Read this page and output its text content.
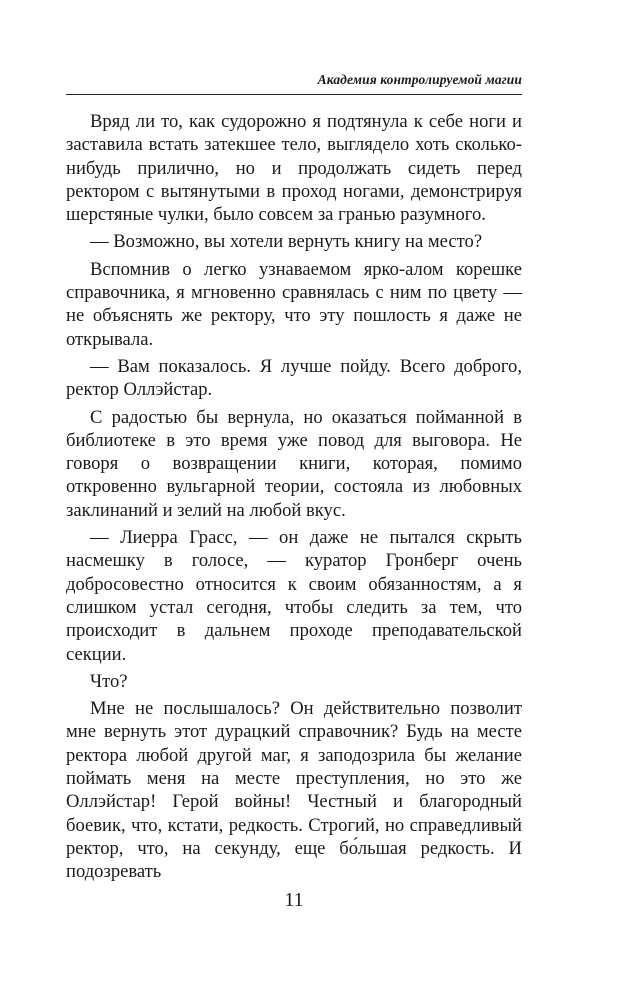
Академия контролируемой магии

Вряд ли то, как судорожно я подтянула к себе ноги и заставила встать затекшее тело, выглядело хоть сколько-нибудь прилично, но и продолжать сидеть перед ректором с вытянутыми в проход ногами, демонстрируя шерстяные чулки, было совсем за гранью разумного.

— Возможно, вы хотели вернуть книгу на место?

Вспомнив о легко узнаваемом ярко-алом корешке справочника, я мгновенно сравнялась с ним по цвету — не объяснять же ректору, что эту пошлость я даже не открывала.

— Вам показалось. Я лучше пойду. Всего доброго, ректор Оллэйстар.

С радостью бы вернула, но оказаться пойманной в библиотеке в это время уже повод для выговора. Не говоря о возвращении книги, которая, помимо откровенно вульгарной теории, состояла из любовных заклинаний и зелий на любой вкус.

— Лиерра Грасс, — он даже не пытался скрыть насмешку в голосе, — куратор Гронберг очень добросовестно относится к своим обязанностям, а я слишком устал сегодня, чтобы следить за тем, что происходит в дальнем проходе преподавательской секции.

Что?

Мне не послышалось? Он действительно позволит мне вернуть этот дурацкий справочник? Будь на месте ректора любой другой маг, я заподозрила бы желание поймать меня на месте преступления, но это же Оллэйстар! Герой войны! Честный и благородный боевик, что, кстати, редкость. Строгий, но справедливый ректор, что, на секунду, еще бо́льшая редкость. И подозревать

11
